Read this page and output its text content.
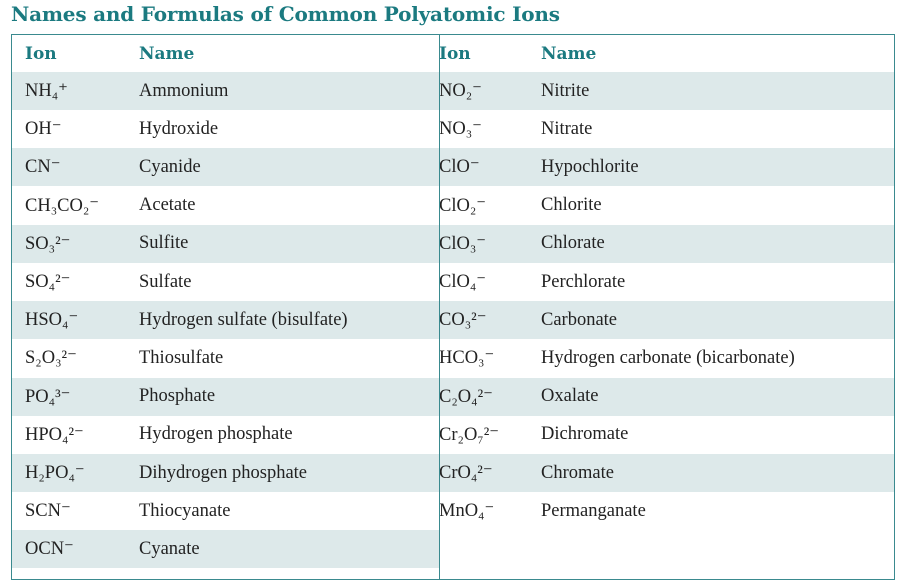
Names and Formulas of Common Polyatomic Ions
Ion	Name	Ion	Name
NH₄⁺	Ammonium	NO₂⁻	Nitrite
OH⁻	Hydroxide	NO₃⁻	Nitrate
CN⁻	Cyanide	ClO⁻	Hypochlorite
CH₃CO₂⁻ Acetate	ClO₂⁻	Chlorite
SO₃²⁻	Sulfite	ClO₃⁻	Chlorate
SO₄²⁻	Sulfate	ClO₄⁻	Perchlorate
HSO₄⁻	Hydrogen sulfate (bisulfate)	CO₃²⁻	Carbonate
S₂O₃²⁻	Thiosulfate	HCO₃⁻	Hydrogen carbonate (bicarbonate)
PO₄³⁻	Phosphate	C₂O₄²⁻	Oxalate
HPO₄²⁻	Hydrogen phosphate	Cr₂O₇²⁻ Dichromate
H₂PO₄⁻	Dihydrogen phosphate	CrO₄²⁻	Chromate
SCN⁻	Thiocyanate	MnO₄⁻	Permanganate
OCN⁻	Cyanate
